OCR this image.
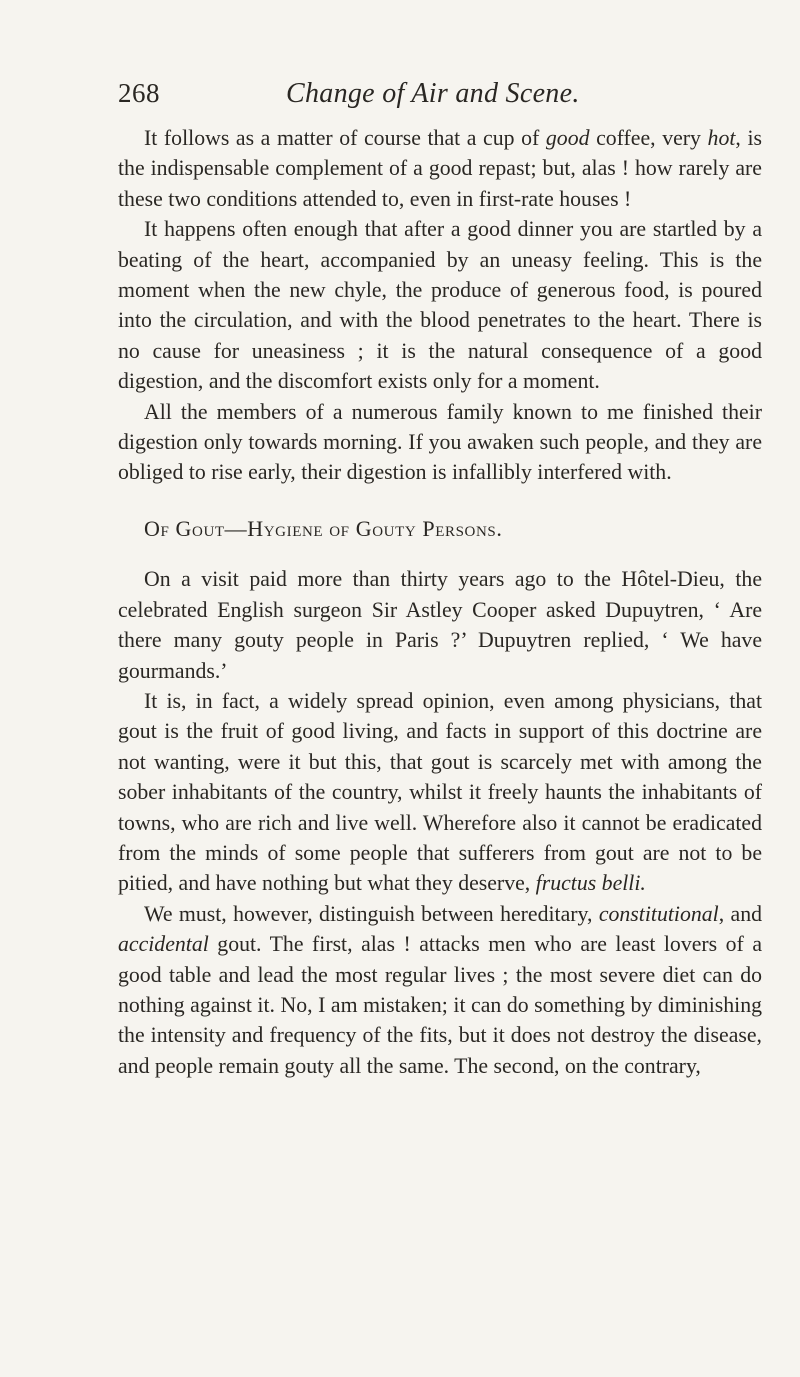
268	Change of Air and Scene.

It follows as a matter of course that a cup of good coffee, very hot, is the indispensable complement of a good repast; but, alas ! how rarely are these two conditions attended to, even in first-rate houses !

It happens often enough that after a good dinner you are startled by a beating of the heart, accompanied by an uneasy feeling. This is the moment when the new chyle, the produce of generous food, is poured into the circulation, and with the blood penetrates to the heart. There is no cause for uneasiness ; it is the natural consequence of a good digestion, and the discomfort exists only for a moment.

All the members of a numerous family known to me finished their digestion only towards morning. If you awaken such people, and they are obliged to rise early, their digestion is infallibly interfered with.

Of Gout—Hygiene of Gouty Persons.

On a visit paid more than thirty years ago to the Hôtel-Dieu, the celebrated English surgeon Sir Astley Cooper asked Dupuytren, ‘ Are there many gouty people in Paris ?’ Dupuytren replied, ‘ We have gourmands.’

It is, in fact, a widely spread opinion, even among physicians, that gout is the fruit of good living, and facts in support of this doctrine are not wanting, were it but this, that gout is scarcely met with among the sober inhabitants of the country, whilst it freely haunts the inhabitants of towns, who are rich and live well. Wherefore also it cannot be eradicated from the minds of some people that sufferers from gout are not to be pitied, and have nothing but what they deserve, fructus belli.

We must, however, distinguish between hereditary, constitutional, and accidental gout. The first, alas ! attacks men who are least lovers of a good table and lead the most regular lives ; the most severe diet can do nothing against it. No, I am mistaken; it can do something by diminishing the intensity and frequency of the fits, but it does not destroy the disease, and people remain gouty all the same. The second, on the contrary,
